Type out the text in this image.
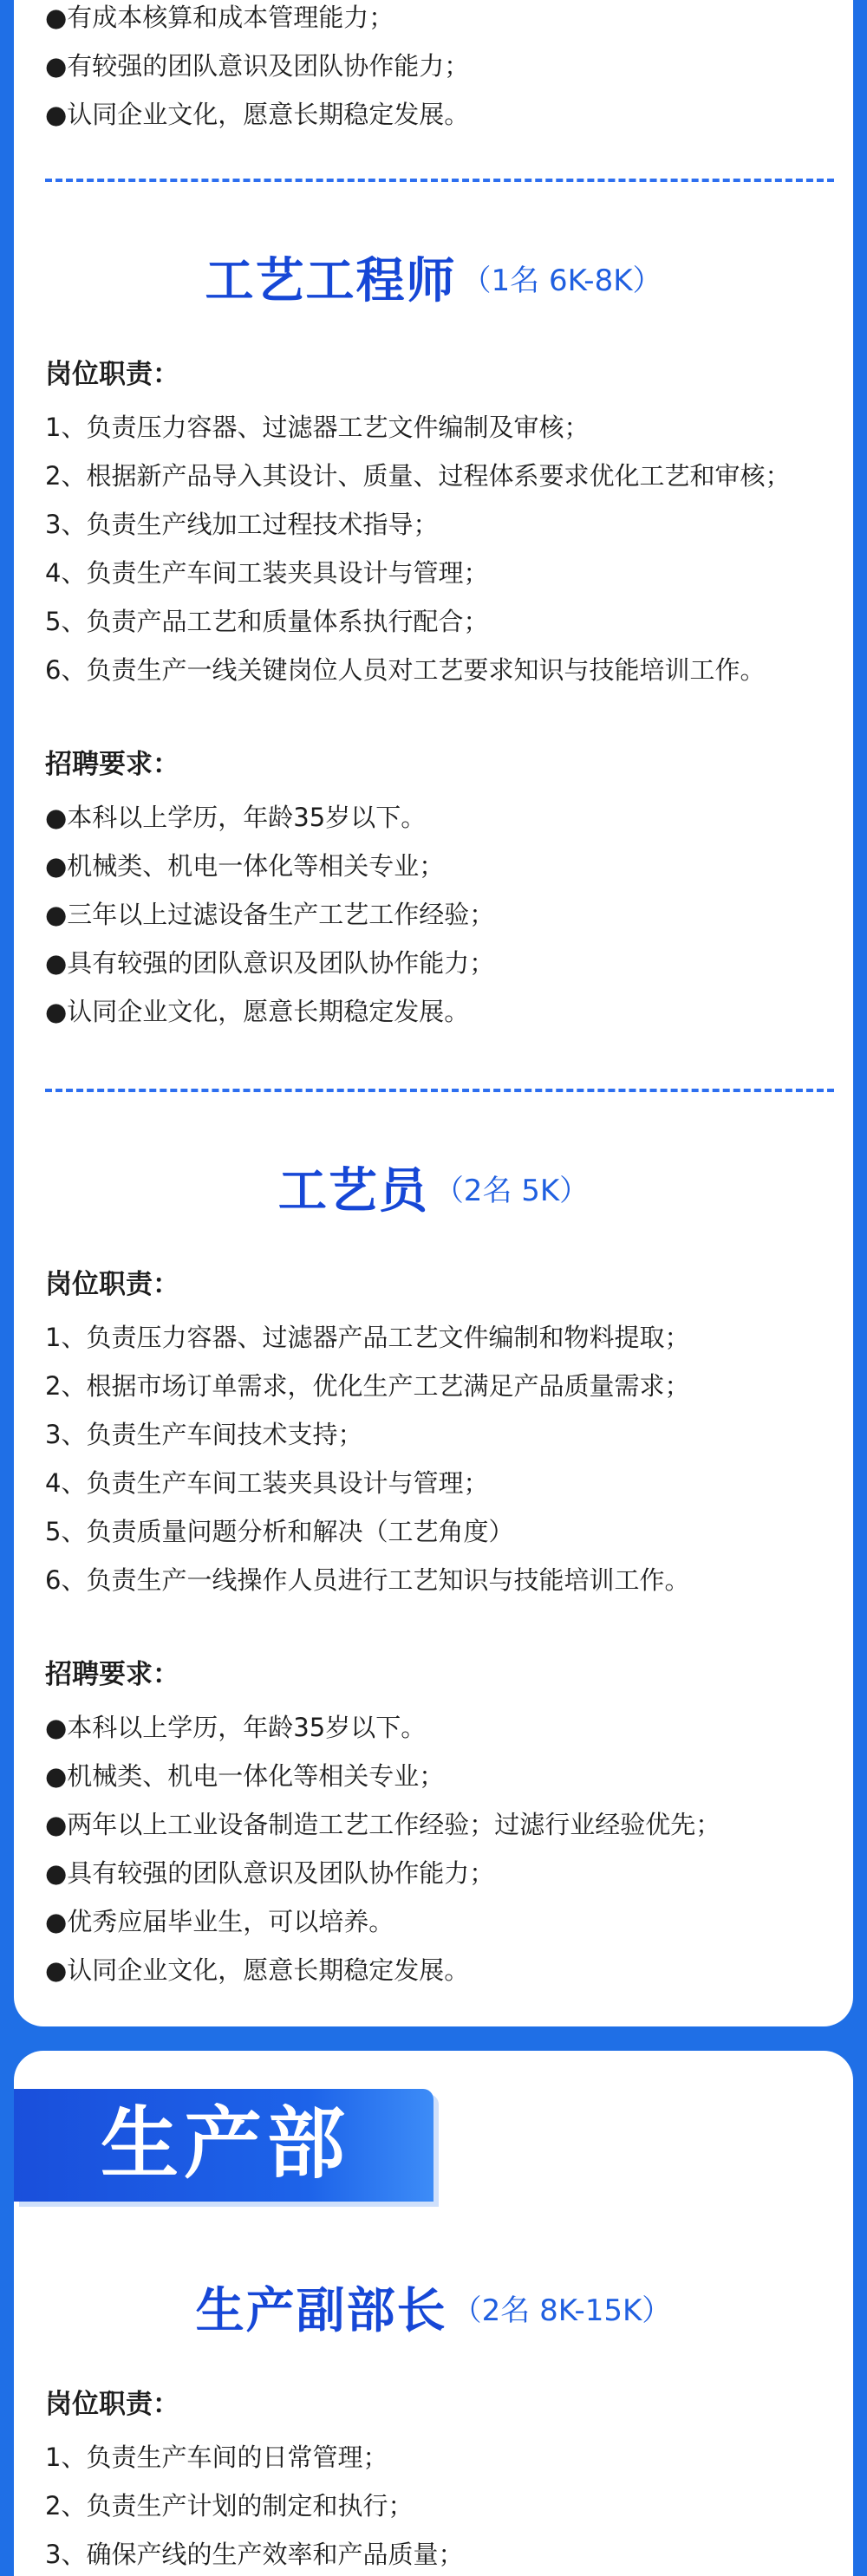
●有成本核算和成本管理能力；
●有较强的团队意识及团队协作能力；
●认同企业文化，愿意长期稳定发展。
工艺工程师 （1名 6K-8K）
岗位职责：
1、负责压力容器、过滤器工艺文件编制及审核；
2、根据新产品导入其设计、质量、过程体系要求优化工艺和审核；
3、负责生产线加工过程技术指导；
4、负责生产车间工装夹具设计与管理；
5、负责产品工艺和质量体系执行配合；
6、负责生产一线关键岗位人员对工艺要求知识与技能培训工作。
招聘要求：
●本科以上学历，年龄35岁以下。
●机械类、机电一体化等相关专业；
●三年以上过滤设备生产工艺工作经验；
●具有较强的团队意识及团队协作能力；
●认同企业文化，愿意长期稳定发展。
工艺员 （2名 5K）
岗位职责：
1、负责压力容器、过滤器产品工艺文件编制和物料提取；
2、根据市场订单需求，优化生产工艺满足产品质量需求；
3、负责生产车间技术支持；
4、负责生产车间工装夹具设计与管理；
5、负责质量问题分析和解决（工艺角度）
6、负责生产一线操作人员进行工艺知识与技能培训工作。
招聘要求：
●本科以上学历，年龄35岁以下。
●机械类、机电一体化等相关专业；
●两年以上工业设备制造工艺工作经验；过滤行业经验优先；
●具有较强的团队意识及团队协作能力；
●优秀应届毕业生，可以培养。
●认同企业文化，愿意长期稳定发展。
生产部
生产副部长 （2名 8K-15K）
岗位职责：
1、负责生产车间的日常管理；
2、负责生产计划的制定和执行；
3、确保产线的生产效率和产品质量；
